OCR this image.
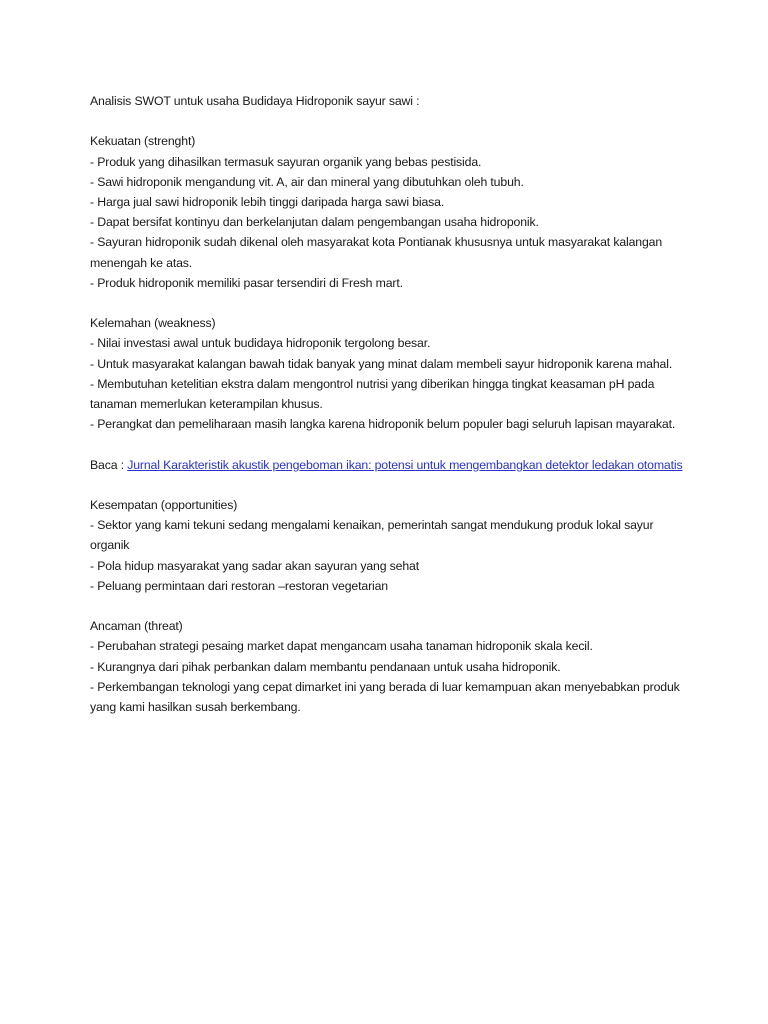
Analisis SWOT untuk usaha Budidaya Hidroponik sayur sawi :

Kekuatan (strenght)

- Produk yang dihasilkan termasuk sayuran organik yang bebas pestisida.

- Sawi hidroponik mengandung vit. A, air dan mineral yang dibutuhkan oleh tubuh.

- Harga jual sawi hidroponik lebih tinggi daripada harga sawi biasa.

- Dapat bersifat kontinyu dan berkelanjutan dalam pengembangan usaha hidroponik.

- Sayuran hidroponik sudah dikenal oleh masyarakat kota Pontianak khususnya untuk masyarakat kalangan menengah ke atas.

- Produk hidroponik memiliki pasar tersendiri di Fresh mart.

Kelemahan (weakness)

- Nilai investasi awal untuk budidaya hidroponik tergolong besar.

- Untuk masyarakat kalangan bawah tidak banyak yang minat dalam membeli sayur hidroponik karena mahal.

- Membutuhan ketelitian ekstra dalam mengontrol nutrisi yang diberikan hingga tingkat keasaman pH pada tanaman memerlukan keterampilan khusus.

- Perangkat dan pemeliharaan masih langka karena hidroponik belum populer bagi seluruh lapisan mayarakat.

Baca : Jurnal Karakteristik akustik pengeboman ikan: potensi untuk mengembangkan detektor ledakan otomatis

Kesempatan (opportunities)

- Sektor yang kami tekuni sedang mengalami kenaikan, pemerintah sangat mendukung produk lokal sayur organik

- Pola hidup masyarakat yang sadar akan sayuran yang sehat

- Peluang permintaan dari restoran –restoran vegetarian

Ancaman (threat)

- Perubahan strategi pesaing market dapat mengancam usaha tanaman hidroponik skala kecil.

- Kurangnya dari pihak perbankan dalam membantu pendanaan untuk usaha hidroponik.

- Perkembangan teknologi yang cepat dimarket ini yang berada di luar kemampuan akan menyebabkan produk yang kami hasilkan susah berkembang.
